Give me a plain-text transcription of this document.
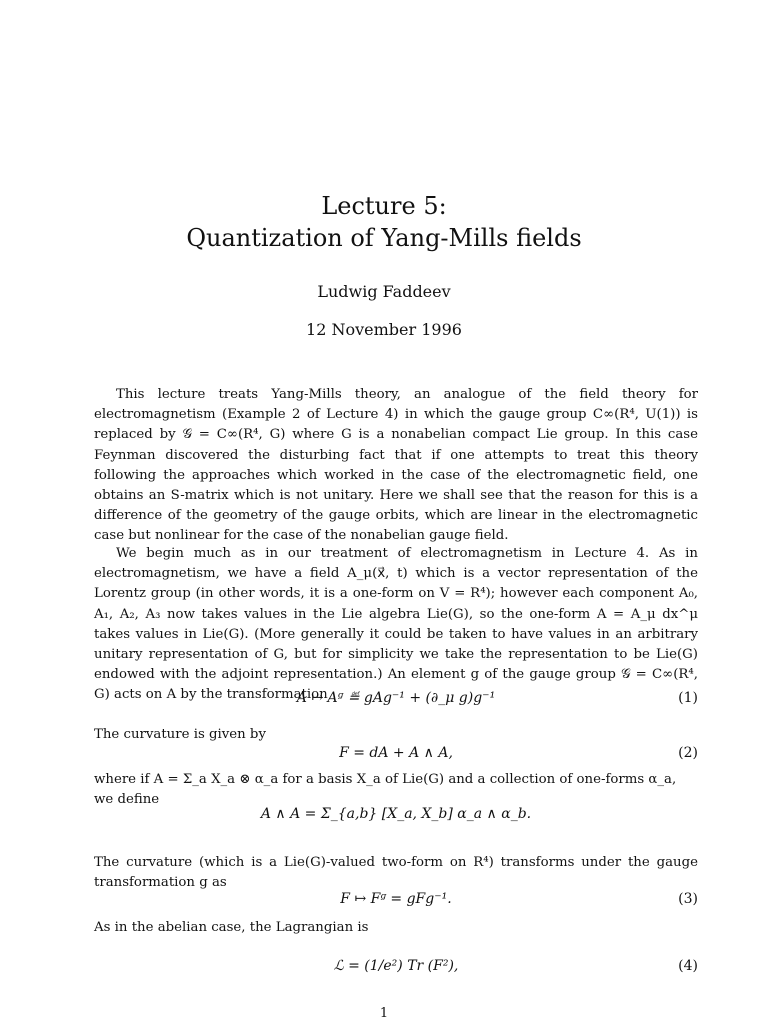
Lecture 5:
Quantization of Yang-Mills fields
Ludwig Faddeev
12 November 1996
This lecture treats Yang-Mills theory, an analogue of the field theory for electromagnetism (Example 2 of Lecture 4) in which the gauge group C∞(R⁴, U(1)) is replaced by 𝒢 = C∞(R⁴, G) where G is a nonabelian compact Lie group. In this case Feynman discovered the disturbing fact that if one attempts to treat this theory following the approaches which worked in the case of the electromagnetic field, one obtains an S-matrix which is not unitary. Here we shall see that the reason for this is a difference of the geometry of the gauge orbits, which are linear in the electromagnetic case but nonlinear for the case of the nonabelian gauge field.
We begin much as in our treatment of electromagnetism in Lecture 4. As in electromagnetism, we have a field A_μ(x⃗, t) which is a vector representation of the Lorentz group (in other words, it is a one-form on V = R⁴); however each component A₀, A₁, A₂, A₃ now takes values in the Lie algebra Lie(G), so the one-form A = A_μ dx^μ takes values in Lie(G). (More generally it could be taken to have values in an arbitrary unitary representation of G, but for simplicity we take the representation to be Lie(G) endowed with the adjoint representation.) An element g of the gauge group 𝒢 = C∞(R⁴, G) acts on A by the transformation
A ↦ Aᵍ ≝ gAg⁻¹ + (∂_μ g)g⁻¹	(1)
The curvature is given by
F = dA + A ∧ A,	(2)
where if A = Σ_a X_a ⊗ α_a for a basis X_a of Lie(G) and a collection of one-forms α_a, we define
A ∧ A = Σ_{a,b} [X_a, X_b] α_a ∧ α_b.
The curvature (which is a Lie(G)-valued two-form on R⁴) transforms under the gauge transformation g as
F ↦ Fᵍ = gFg⁻¹.	(3)
As in the abelian case, the Lagrangian is
ℒ = (1/e²) Tr (F²),	(4)
1
